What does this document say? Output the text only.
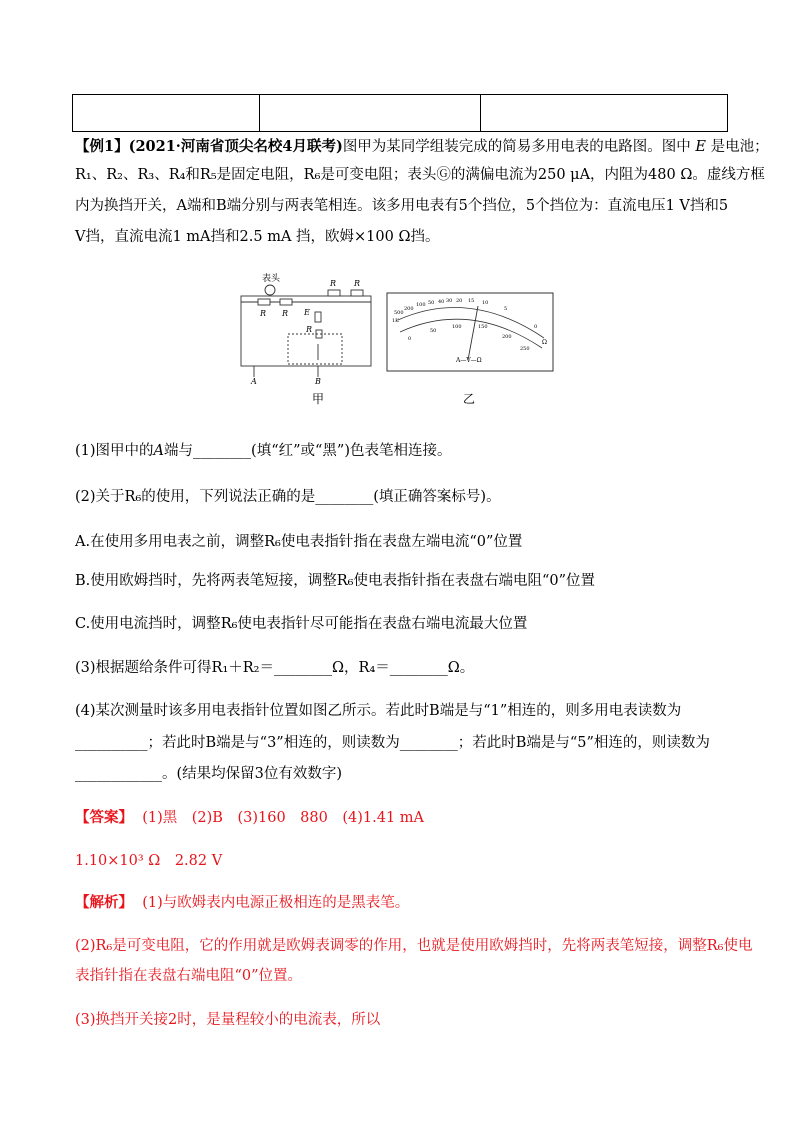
【例1】(2021·河南省顶尖名校4月联考)图甲为某同学组装完成的简易多用电表的电路图。图中 E 是电池；
R₁、R₂、R₃、R₄和R₅是固定电阻，R₆是可变电阻；表头Ⓖ的满偏电流为250 μA，内阻为480 Ω。虚线方框
内为换挡开关，A端和B端分别与两表笔相连。该多用电表有5个挡位，5个挡位为：直流电压1 V挡和5
V挡，直流电流1 mA挡和2.5 mA 挡，欧姆×100 Ω挡。
表头
R R
R R
E
R
A	B
甲
500
1K
200
100 50 40 30 20 15 10
5
0
0
50
100	150
200
250
Ω
A—V—Ω
乙
(1)图甲中的A端与________(填“红”或“黑”)色表笔相连接。
(2)关于R₆的使用，下列说法正确的是________(填正确答案标号)。
A.在使用多用电表之前，调整R₆使电表指针指在表盘左端电流“0”位置
B.使用欧姆挡时，先将两表笔短接，调整R₆使电表指针指在表盘右端电阻“0”位置
C.使用电流挡时，调整R₆使电表指针尽可能指在表盘右端电流最大位置
(3)根据题给条件可得R₁＋R₂＝________Ω，R₄＝________Ω。
(4)某次测量时该多用电表指针位置如图乙所示。若此时B端是与“1”相连的，则多用电表读数为
__________；若此时B端是与“3”相连的，则读数为________；若此时B端是与“5”相连的，则读数为
____________。(结果均保留3位有效数字)
【答案】 (1)黑　(2)B　(3)160　880　(4)1.41 mA
1.10×10³ Ω　2.82 V
【解析】 (1)与欧姆表内电源正极相连的是黑表笔。
(2)R₆是可变电阻，它的作用就是欧姆表调零的作用，也就是使用欧姆挡时，先将两表笔短接，调整R₆使电
表指针指在表盘右端电阻“0”位置。
(3)换挡开关接2时，是量程较小的电流表，所以
